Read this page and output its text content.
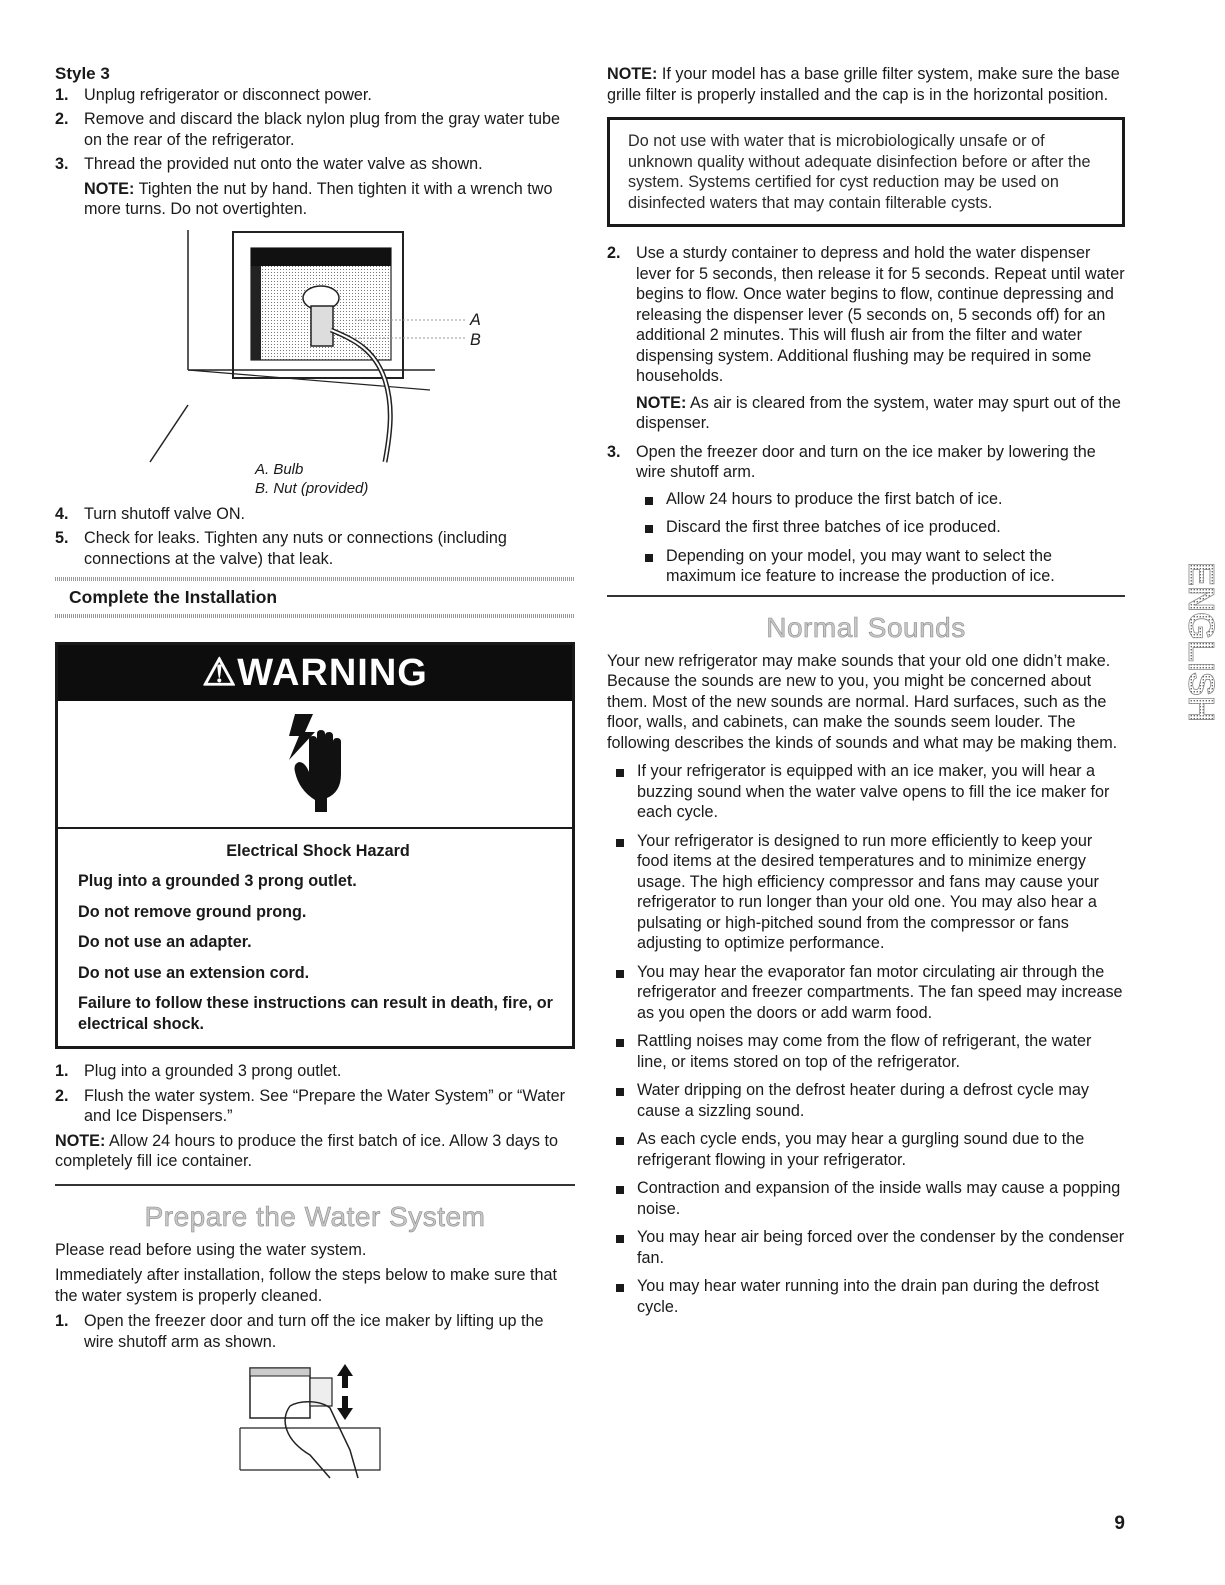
Style 3
1. Unplug refrigerator or disconnect power.
2. Remove and discard the black nylon plug from the gray water tube on the rear of the refrigerator.
3. Thread the provided nut onto the water valve as shown.
NOTE: Tighten the nut by hand. Then tighten it with a wrench two more turns. Do not overtighten.
A
B
A. Bulb
B. Nut (provided)
4. Turn shutoff valve ON.
5. Check for leaks. Tighten any nuts or connections (including connections at the valve) that leak.
Complete the Installation
⚠WARNING
Electrical Shock Hazard

Plug into a grounded 3 prong outlet.

Do not remove ground prong.

Do not use an adapter.

Do not use an extension cord.

Failure to follow these instructions can result in death, fire, or electrical shock.

1. Plug into a grounded 3 prong outlet.
2. Flush the water system. See “Prepare the Water System” or “Water and Ice Dispensers.”
NOTE: Allow 24 hours to produce the first batch of ice. Allow 3 days to completely fill ice container.
Prepare the Water System

Please read before using the water system.

Immediately after installation, follow the steps below to make sure that the water system is properly cleaned.

1. Open the freezer door and turn off the ice maker by lifting up the wire shutoff arm as shown.
NOTE: If your model has a base grille filter system, make sure the base grille filter is properly installed and the cap is in the horizontal position.
Do not use with water that is microbiologically unsafe or of unknown quality without adequate disinfection before or after the system. Systems certified for cyst reduction may be used on disinfected waters that may contain filterable cysts.
2. Use a sturdy container to depress and hold the water dispenser lever for 5 seconds, then release it for 5 seconds. Repeat until water begins to flow. Once water begins to flow, continue depressing and releasing the dispenser lever (5 seconds on, 5 seconds off) for an additional 2 minutes. This will flush air from the filter and water dispensing system. Additional flushing may be required in some households.
NOTE: As air is cleared from the system, water may spurt out of the dispenser.
3. Open the freezer door and turn on the ice maker by lowering the wire shutoff arm.
Allow 24 hours to produce the first batch of ice.
Discard the first three batches of ice produced.
Depending on your model, you may want to select the maximum ice feature to increase the production of ice.
Normal Sounds

Your new refrigerator may make sounds that your old one didn’t make. Because the sounds are new to you, you might be concerned about them. Most of the new sounds are normal. Hard surfaces, such as the floor, walls, and cabinets, can make the sounds seem louder. The following describes the kinds of sounds and what may be making them.

If your refrigerator is equipped with an ice maker, you will hear a buzzing sound when the water valve opens to fill the ice maker for each cycle.
Your refrigerator is designed to run more efficiently to keep your food items at the desired temperatures and to minimize energy usage. The high efficiency compressor and fans may cause your refrigerator to run longer than your old one. You may also hear a pulsating or high-pitched sound from the compressor or fans adjusting to optimize performance.
You may hear the evaporator fan motor circulating air through the refrigerator and freezer compartments. The fan speed may increase as you open the doors or add warm food.
Rattling noises may come from the flow of refrigerant, the water line, or items stored on top of the refrigerator.
Water dripping on the defrost heater during a defrost cycle may cause a sizzling sound.
As each cycle ends, you may hear a gurgling sound due to the refrigerant flowing in your refrigerator.
Contraction and expansion of the inside walls may cause a popping noise.
You may hear air being forced over the condenser by the condenser fan.
You may hear water running into the drain pan during the defrost cycle.
ENGLISH
9
